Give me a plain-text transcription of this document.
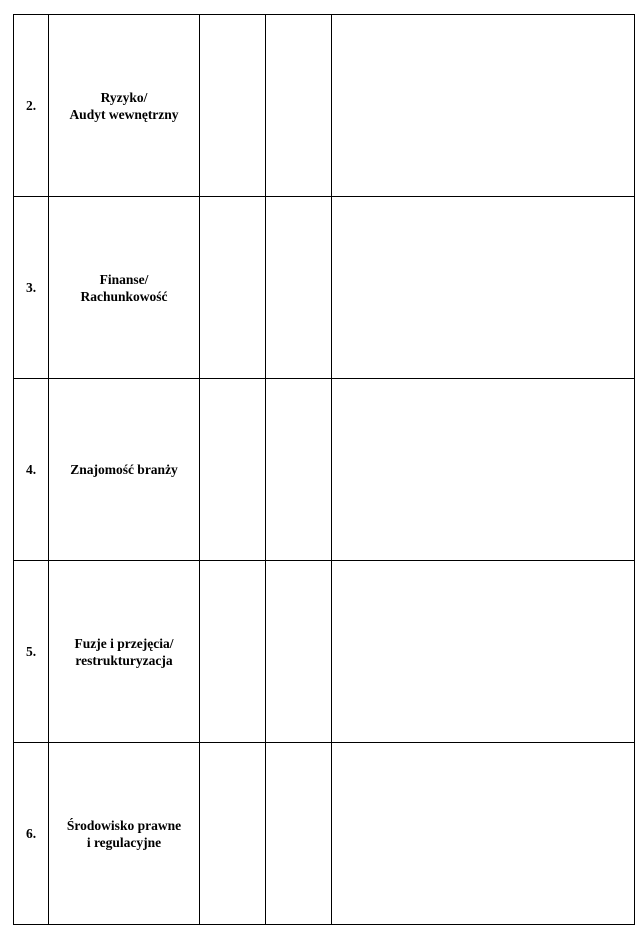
2.	Ryzyko/
Audyt wewnętrzny			

3.	Finanse/
Rachunkowość			

4.	Znajomość branży			

5.	Fuzje i przejęcia/
restrukturyzacja			

6.	Środowisko prawne
i regulacyjne			
